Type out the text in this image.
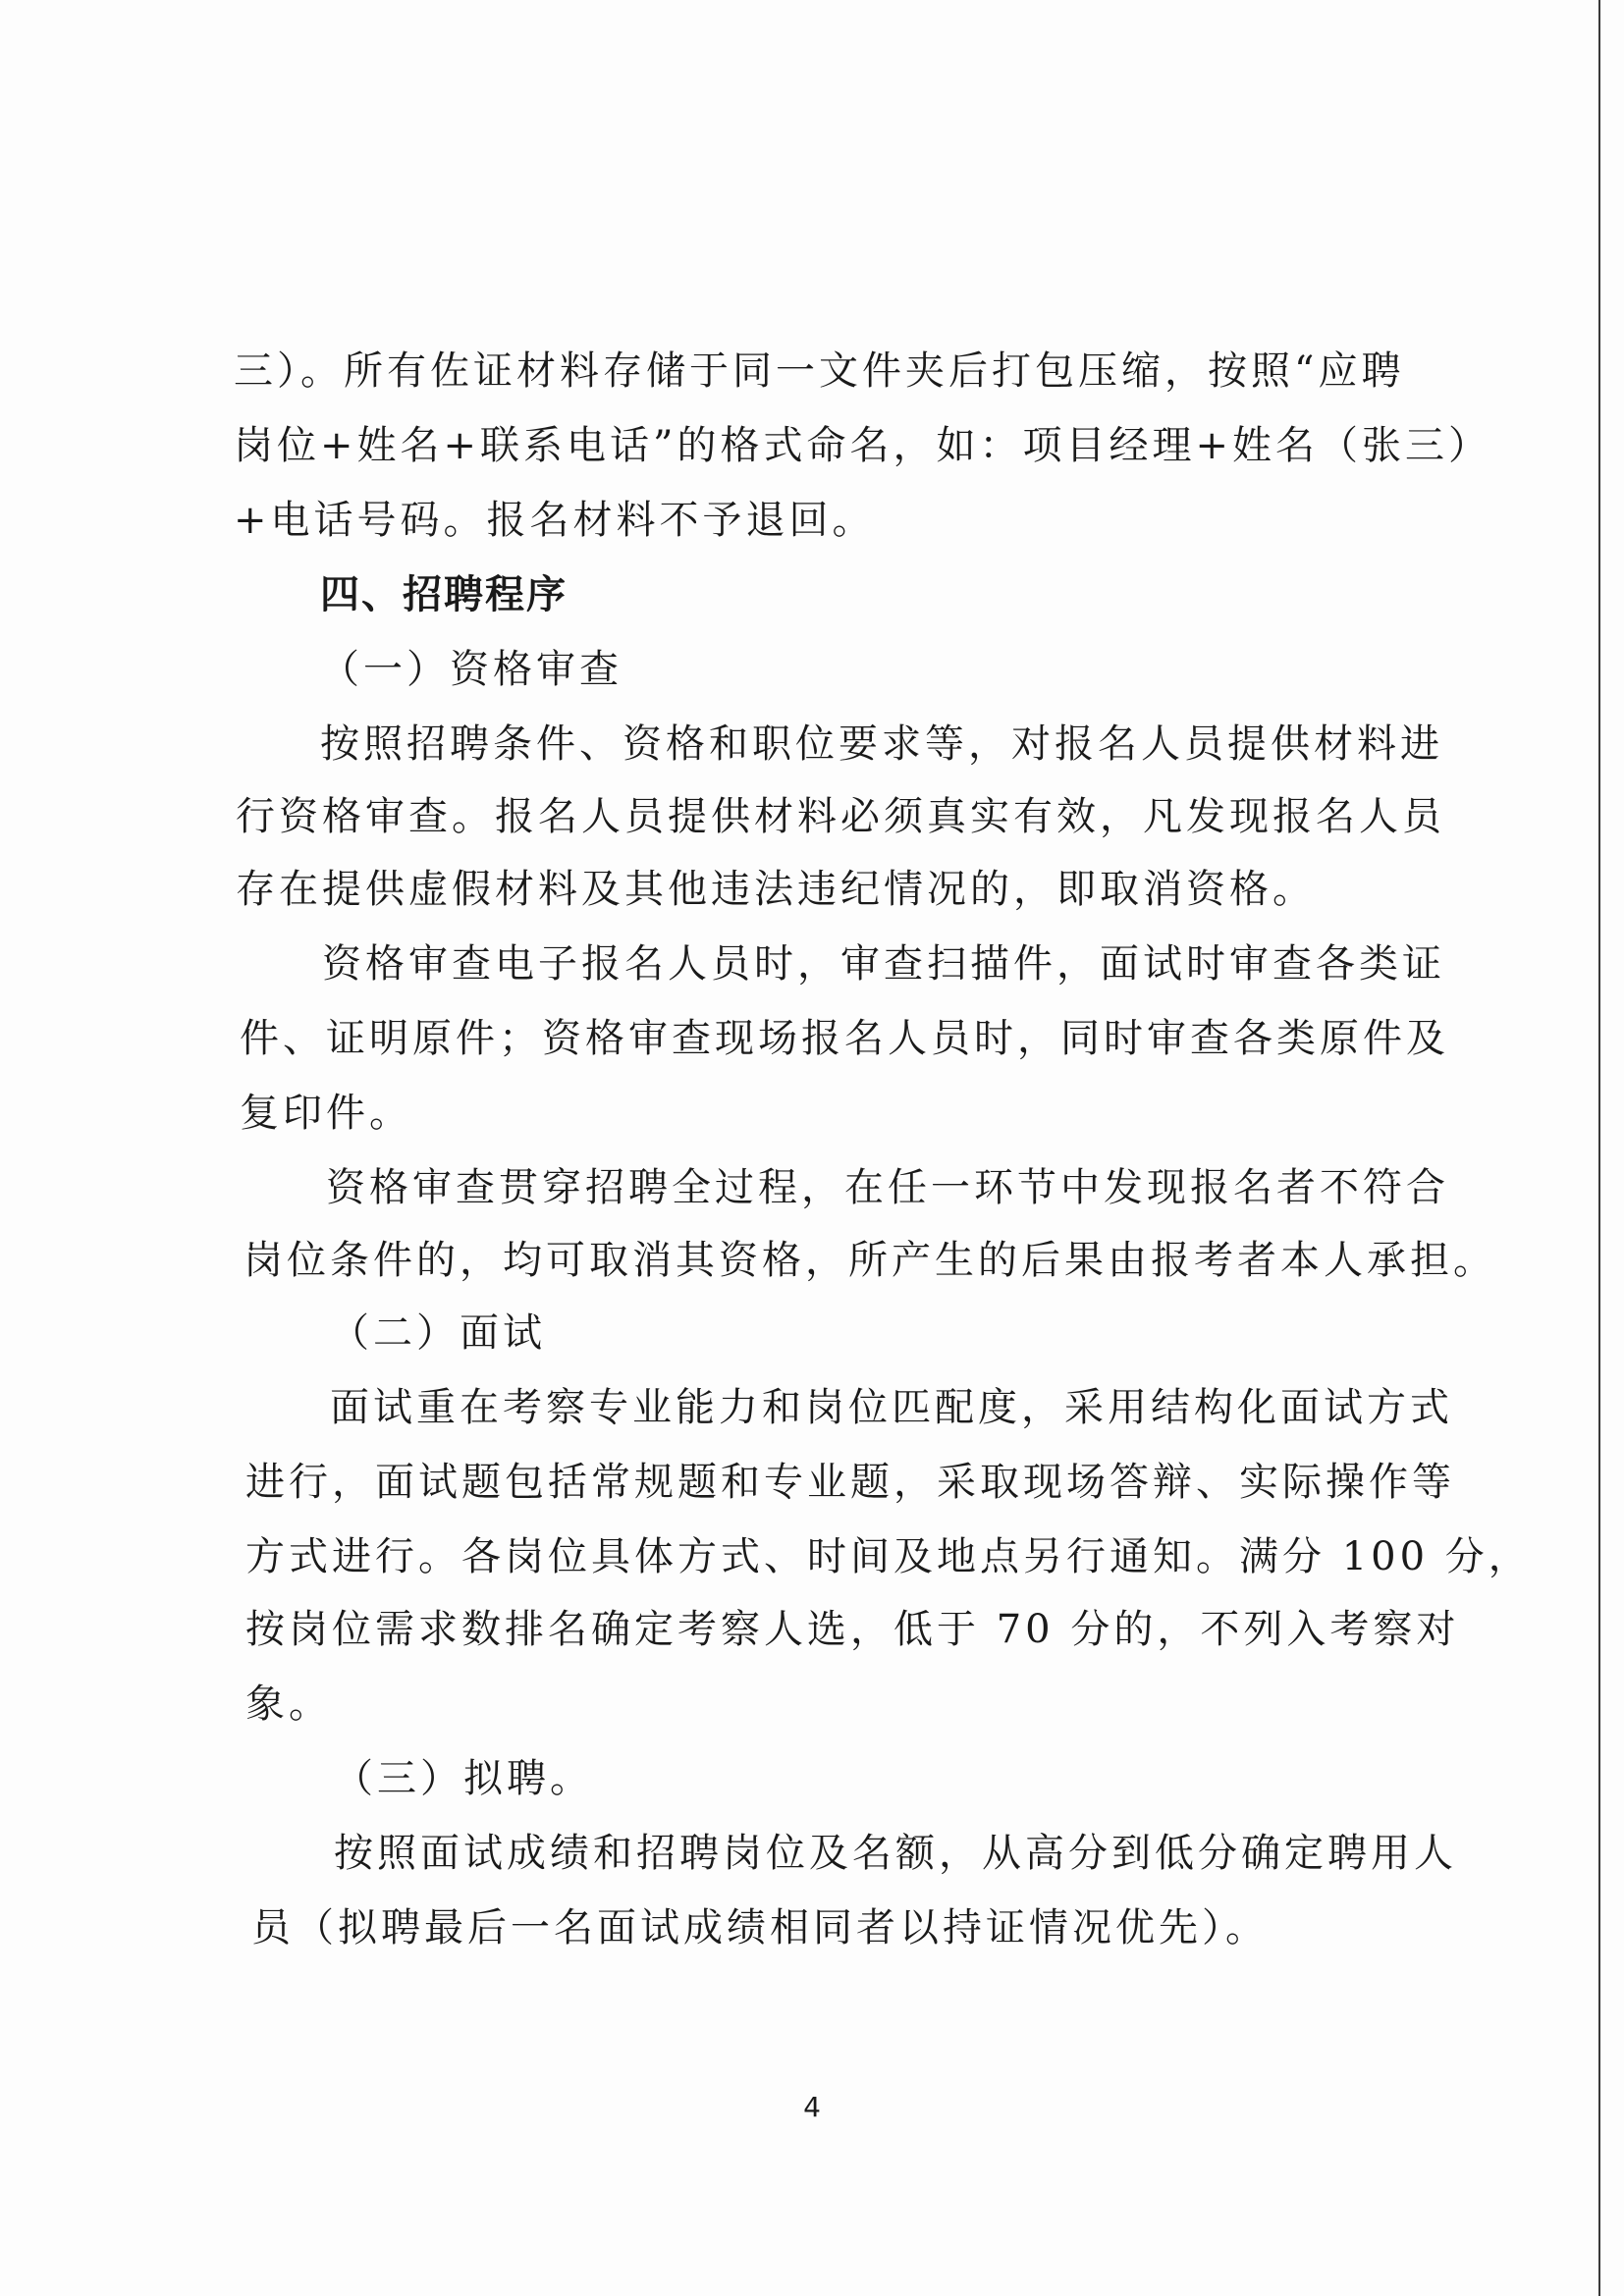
三）。所有佐证材料存储于同一文件夹后打包压缩，按照“应聘
岗位+姓名+联系电话”的格式命名，如：项目经理+姓名（张三）
+电话号码。报名材料不予退回。
四、招聘程序
（一）资格审查
按照招聘条件、资格和职位要求等，对报名人员提供材料进
行资格审查。报名人员提供材料必须真实有效，凡发现报名人员
存在提供虚假材料及其他违法违纪情况的，即取消资格。
资格审查电子报名人员时，审查扫描件，面试时审查各类证
件、证明原件；资格审查现场报名人员时，同时审查各类原件及
复印件。
资格审查贯穿招聘全过程，在任一环节中发现报名者不符合
岗位条件的，均可取消其资格，所产生的后果由报考者本人承担。
（二）面试
面试重在考察专业能力和岗位匹配度，采用结构化面试方式
进行，面试题包括常规题和专业题，采取现场答辩、实际操作等
方式进行。各岗位具体方式、时间及地点另行通知。满分 100 分，
按岗位需求数排名确定考察人选，低于 70 分的，不列入考察对
象。
（三）拟聘。
按照面试成绩和招聘岗位及名额，从高分到低分确定聘用人
员（拟聘最后一名面试成绩相同者以持证情况优先）。
4
